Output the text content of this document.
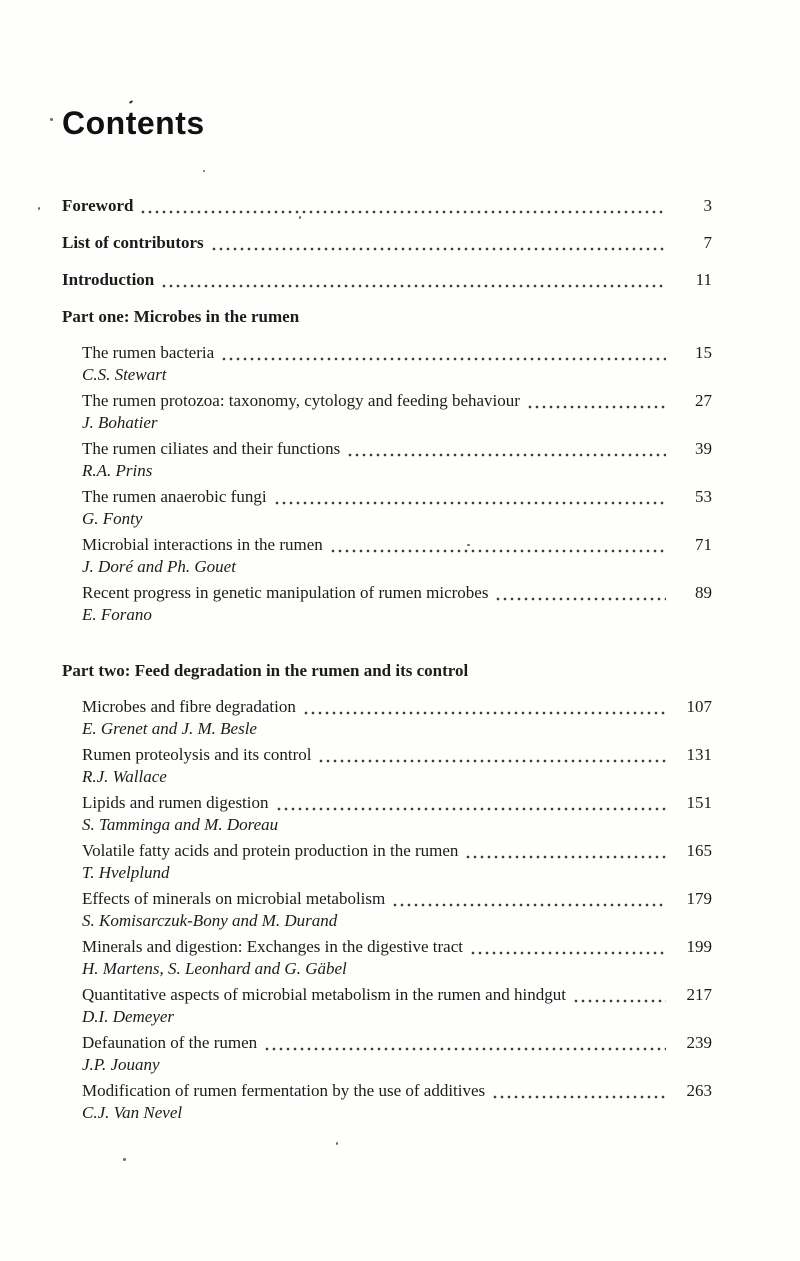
Contents
Foreword	3
List of contributors	7
Introduction	11
Part one: Microbes in the rumen
The rumen bacteria	15
C.S. Stewart
The rumen protozoa: taxonomy, cytology and feeding behaviour	27
J. Bohatier
The rumen ciliates and their functions	39
R.A. Prins
The rumen anaerobic fungi	53
G. Fonty
Microbial interactions in the rumen	71
J. Doré and Ph. Gouet
Recent progress in genetic manipulation of rumen microbes	89
E. Forano
Part two: Feed degradation in the rumen and its control
Microbes and fibre degradation	107
E. Grenet and J. M. Besle
Rumen proteolysis and its control	131
R.J. Wallace
Lipids and rumen digestion	151
S. Tamminga and M. Doreau
Volatile fatty acids and protein production in the rumen	165
T. Hvelplund
Effects of minerals on microbial metabolism	179
S. Komisarczuk-Bony and M. Durand
Minerals and digestion: Exchanges in the digestive tract	199
H. Martens, S. Leonhard and G. Gäbel
Quantitative aspects of microbial metabolism in the rumen and hindgut	217
D.I. Demeyer
Defaunation of the rumen	239
J.P. Jouany
Modification of rumen fermentation by the use of additives	263
C.J. Van Nevel
